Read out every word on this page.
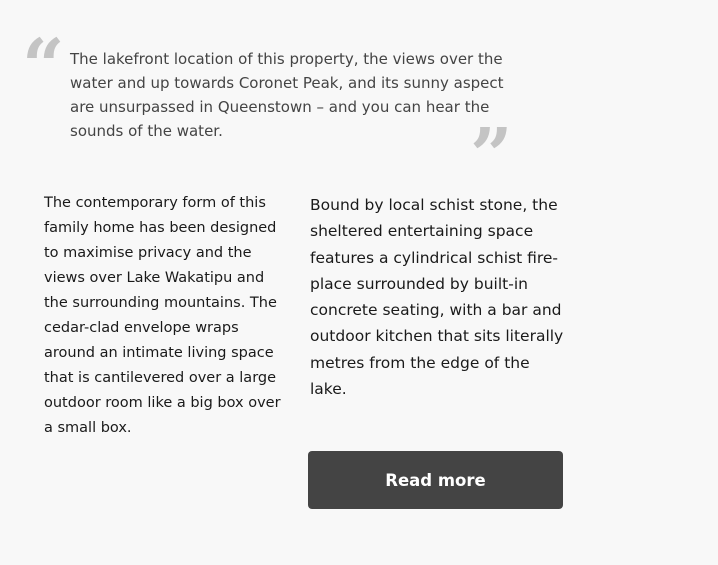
“ The lakefront location of this property, the views over the
water and up towards Coronet Peak, and its sunny aspect
are unsurpassed in Queenstown – and you can hear the
sounds of the water.	”
The contemporary form of this
family home has been designed
to maximise privacy and the
views over Lake Wakatipu and
the surrounding mountains. The
cedar-clad envelope wraps
around an intimate living space
that is cantilevered over a large
outdoor room like a big box over
a small box.
Bound by local schist stone, the
sheltered entertaining space
features a cylindrical schist fire-
place surrounded by built-in
concrete seating, with a bar and
outdoor kitchen that sits literally
metres from the edge of the
lake.
Read more
